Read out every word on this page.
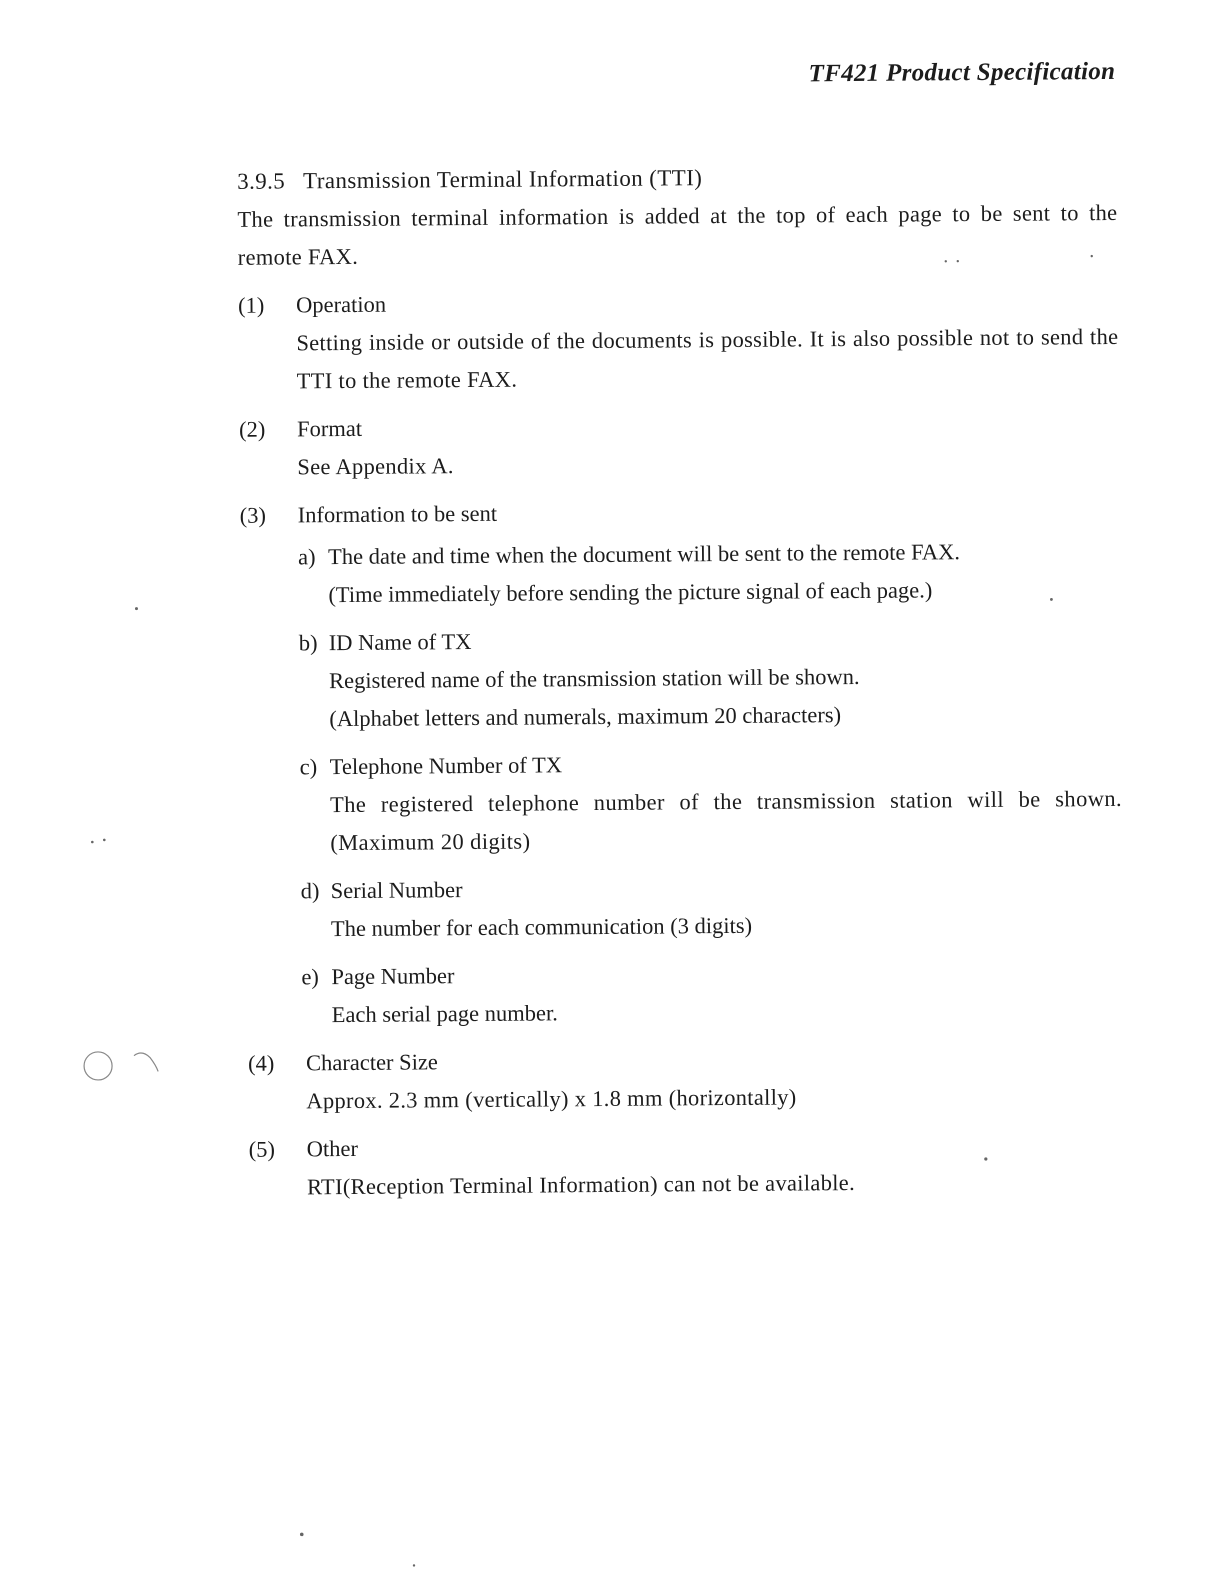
TF421 Product Specification

3.9.5 Transmission Terminal Information (TTI)

The transmission terminal information is added at the top of each page to be sent to the remote FAX.

(1) Operation
Setting inside or outside of the documents is possible. It is also possible not to send the TTI to the remote FAX.
(2) Format
See Appendix A.
(3) Information to be sent
a) The date and time when the document will be sent to the remote FAX.
(Time immediately before sending the picture signal of each page.)
b) ID Name of TX
Registered name of the transmission station will be shown.
(Alphabet letters and numerals, maximum 20 characters)
c) Telephone Number of TX
The registered telephone number of the transmission station will be shown.(Maximum 20 digits)
d) Serial Number
The number for each communication (3 digits)
e) Page Number
Each serial page number.
(4) Character Size
Approx. 2.3 mm (vertically) x 1.8 mm (horizontally)
(5) Other
RTI(Reception Terminal Information) can not be available.
